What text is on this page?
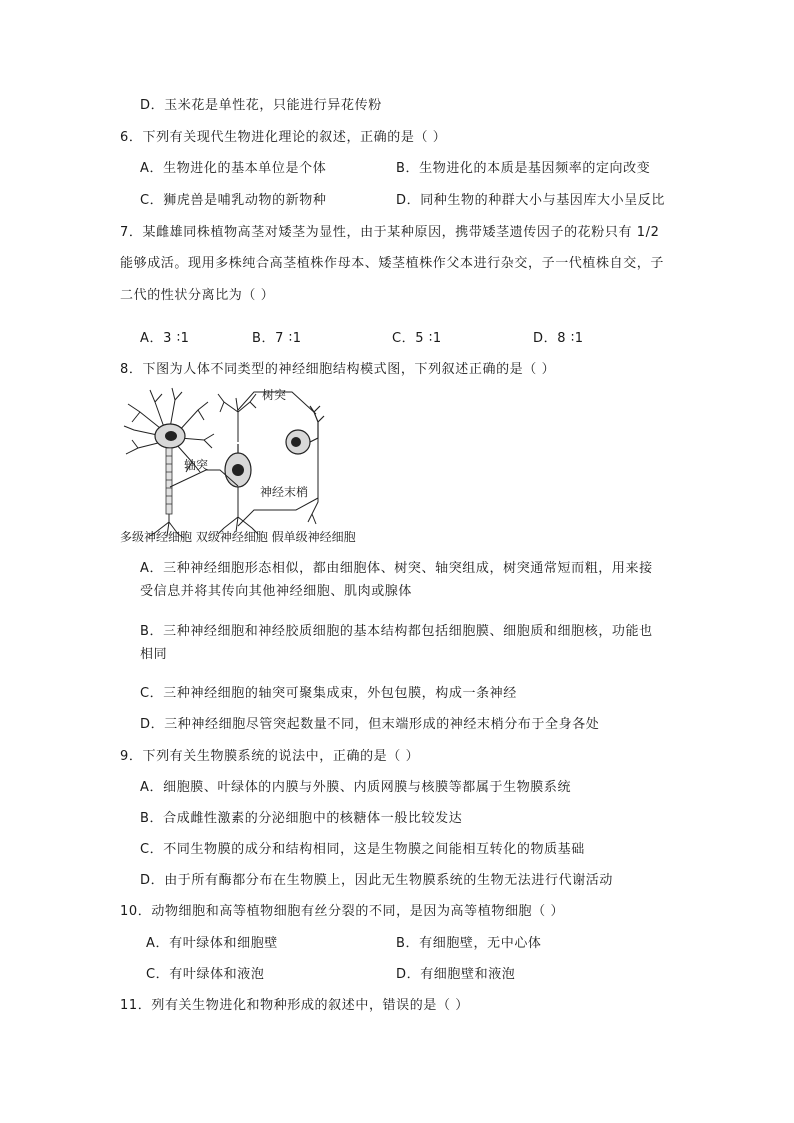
D．玉米花是单性花，只能进行异花传粉
6．下列有关现代生物进化理论的叙述，正确的是（ ）
A．生物进化的基本单位是个体	B．生物进化的本质是基因频率的定向改变
C．狮虎兽是哺乳动物的新物种	D．同种生物的种群大小与基因库大小呈反比
7．某雌雄同株植物高茎对矮茎为显性，由于某种原因，携带矮茎遗传因子的花粉只有 1/2
能够成活。现用多株纯合高茎植株作母本、矮茎植株作父本进行杂交，子一代植株自交，子
二代的性状分离比为（ ）
A．3 ∶1	B．7 ∶1	C．5 ∶1	D．8 ∶1
8．下图为人体不同类型的神经细胞结构模式图，下列叙述正确的是（ ）
树突
轴突
神经末梢
多级神经细胞 双级神经细胞 假单级神经细胞
A．三种神经细胞形态相似，都由细胞体、树突、轴突组成，树突通常短而粗，用来接
受信息并将其传向其他神经细胞、肌肉或腺体
B．三种神经细胞和神经胶质细胞的基本结构都包括细胞膜、细胞质和细胞核，功能也
相同
C．三种神经细胞的轴突可聚集成束，外包包膜，构成一条神经
D．三种神经细胞尽管突起数量不同，但末端形成的神经末梢分布于全身各处
9．下列有关生物膜系统的说法中，正确的是（ ）
A．细胞膜、叶绿体的内膜与外膜、内质网膜与核膜等都属于生物膜系统
B．合成雌性激素的分泌细胞中的核糖体一般比较发达
C．不同生物膜的成分和结构相同，这是生物膜之间能相互转化的物质基础
D．由于所有酶都分布在生物膜上，因此无生物膜系统的生物无法进行代谢活动
10．动物细胞和高等植物细胞有丝分裂的不同，是因为高等植物细胞（ ）
A．有叶绿体和细胞壁	B．有细胞壁，无中心体
C．有叶绿体和液泡	D．有细胞壁和液泡
11．列有关生物进化和物种形成的叙述中，错误的是（ ）
